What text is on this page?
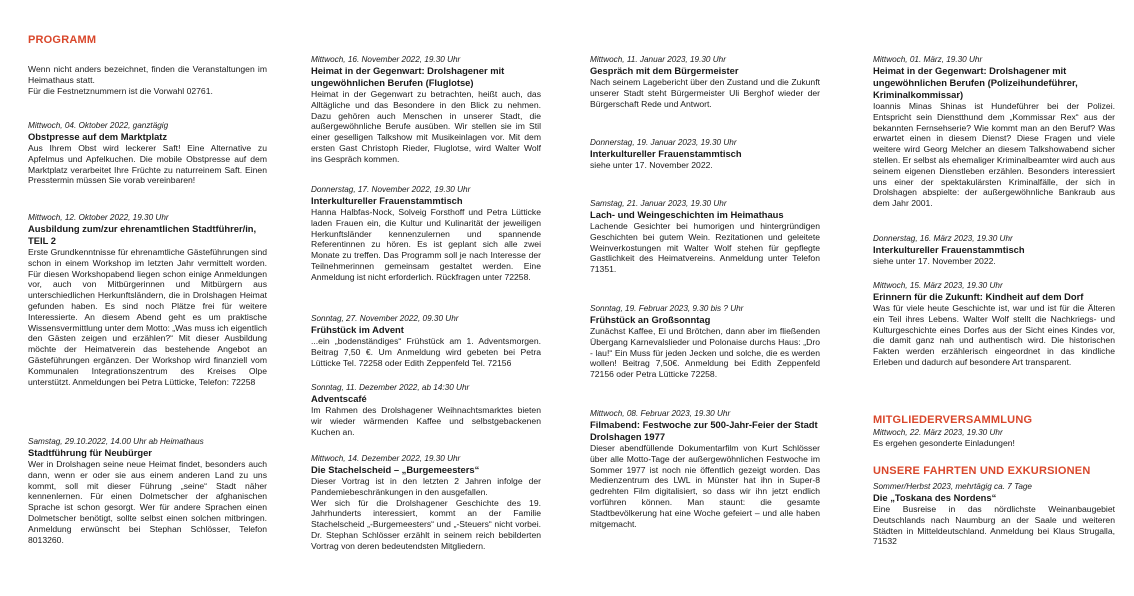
PROGRAMM

Wenn nicht anders bezeichnet, finden die Veranstaltungen im Heimathaus statt.

Für die Festnetznummern ist die Vorwahl 02761.

Mittwoch, 04. Oktober 2022, ganztägig
Obstpresse auf dem Marktplatz

Aus Ihrem Obst wird leckerer Saft! Eine Alternative zu Apfelmus und Apfelkuchen. Die mobile Obstpresse auf dem Marktplatz verarbeitet Ihre Früchte zu naturreinem Saft. Einen Presstermin müssen Sie vorab vereinbaren!

Mittwoch, 12. Oktober 2022, 19.30 Uhr
Ausbildung zum/zur ehrenamtlichen Stadtführer/in, TEIL 2

Erste Grundkenntnisse für ehrenamtliche Gästeführungen sind schon in einem Workshop im letzten Jahr vermittelt worden. Für diesen Workshopabend liegen schon einige Anmeldungen vor, auch von Mitbürgerinnen und Mitbürgern aus unterschiedlichen Herkunftsländern, die in Drolshagen Heimat gefunden haben. Es sind noch Plätze frei für weitere Interessierte. An diesem Abend geht es um praktische Wissensvermittlung unter dem Motto: „Was muss ich eigentlich den Gästen zeigen und erzählen?“ Mit dieser Ausbildung möchte der Heimatverein das bestehende Angebot an Gästeführungen ergänzen. Der Workshop wird finanziell vom Kommunalen Integrationszentrum des Kreises Olpe unterstützt. Anmeldungen bei Petra Lütticke, Telefon: 72258

Samstag, 29.10.2022, 14.00 Uhr ab Heimathaus
Stadtführung für Neubürger

Wer in Drolshagen seine neue Heimat findet, besonders auch dann, wenn er oder sie aus einem anderen Land zu uns kommt, soll mit dieser Führung „seine“ Stadt näher kennenlernen. Für einen Dolmetscher der afghanischen Sprache ist schon gesorgt. Wer für andere Sprachen einen Dolmetscher benötigt, sollte selbst einen solchen mitbringen. Anmeldung erwünscht bei Stephan Schlösser, Telefon 8013260.

Mittwoch, 16. November 2022, 19.30 Uhr
Heimat in der Gegenwart: Drolshagener mit ungewöhnlichen Berufen (Fluglotse)

Heimat in der Gegenwart zu betrachten, heißt auch, das Alltägliche und das Besondere in den Blick zu nehmen. Dazu gehören auch Menschen in unserer Stadt, die außergewöhnliche Berufe ausüben. Wir stellen sie im Stil einer geselligen Talkshow mit Musikeinlagen vor. Mit dem ersten Gast Christoph Rieder, Fluglotse, wird Walter Wolf ins Gespräch kommen.

Donnerstag, 17. November 2022, 19.30 Uhr
Interkultureller Frauenstammtisch

Hanna Halbfas-Nock, Solveig Forsthoff und Petra Lütticke laden Frauen ein, die Kultur und Kulinarität der jeweiligen Herkunftsländer kennenzulernen und spannende Referentinnen zu hören. Es ist geplant sich alle zwei Monate zu treffen. Das Programm soll je nach Interesse der Teilnehmerinnen gemeinsam gestaltet werden. Eine Anmeldung ist nicht erforderlich. Rückfragen unter 72258.

Sonntag, 27. November 2022, 09.30 Uhr
Frühstück im Advent

...ein „bodenständiges“ Frühstück am 1. Adventsmorgen. Beitrag 7,50 €. Um Anmeldung wird gebeten bei Petra Lütticke Tel. 72258 oder Edith Zeppenfeld Tel. 72156

Sonntag, 11. Dezember 2022, ab 14:30 Uhr
Adventscafé

Im Rahmen des Drolshagener Weihnachtsmarktes bieten wir wieder wärmenden Kaffee und selbstgebackenen Kuchen an.

Mittwoch, 14. Dezember 2022, 19.30 Uhr
Die Stachelscheid – „Burgemeesters“

Dieser Vortrag ist in den letzten 2 Jahren infolge der Pandemiebeschränkungen in den ausgefallen.

Wer sich für die Drolshagener Geschichte des 19. Jahrhunderts interessiert, kommt an der Familie Stachelscheid „-Burgemeesters“ und „-Steuers“ nicht vorbei. Dr. Stephan Schlösser erzählt in seinem reich bebilderten Vortrag von deren bedeutendsten Mitgliedern.

Mittwoch, 11. Januar 2023, 19.30 Uhr
Gespräch mit dem Bürgermeister

Nach seinem Lagebericht über den Zustand und die Zukunft unserer Stadt steht Bürgermeister Uli Berghof wieder der Bürgerschaft Rede und Antwort.

Donnerstag, 19. Januar 2023, 19.30 Uhr
Interkultureller Frauenstammtisch

siehe unter 17. November 2022.

Samstag, 21. Januar 2023, 19.30 Uhr
Lach- und Weingeschichten im Heimathaus

Lachende Gesichter bei humorigen und hintergründigen Geschichten bei gutem Wein. Rezitationen und geleitete Weinverkostungen mit Walter Wolf stehen für gepflegte Gastlichkeit des Heimatvereins. Anmeldung unter Telefon 71351.

Sonntag, 19. Februar 2023, 9.30 bis ? Uhr
Frühstück an Großsonntag

Zunächst Kaffee, Ei und Brötchen, dann aber im fließenden Übergang Karnevalslieder und Polonaise durchs Haus: „Dro - lau!“ Ein Muss für jeden Jecken und solche, die es werden wollen! Beitrag 7,50€. Anmeldung bei Edith Zeppenfeld 72156 oder Petra Lütticke 72258.

Mittwoch, 08. Februar 2023, 19.30 Uhr
Filmabend: Festwoche zur 500-Jahr-Feier der Stadt Drolshagen 1977

Dieser abendfüllende Dokumentarfilm von Kurt Schlösser über alle Motto-Tage der außergewöhnlichen Festwoche im Sommer 1977 ist noch nie öffentlich gezeigt worden. Das Medienzentrum des LWL in Münster hat ihn in Super-8 gedrehten Film digitalisiert, so dass wir ihn jetzt endlich vorführen können. Man staunt: die gesamte Stadtbevölkerung hat eine Woche gefeiert – und alle haben mitgemacht.

Mittwoch, 01. März, 19.30 Uhr
Heimat in der Gegenwart: Drolshagener mit ungewöhnlichen Berufen (Polizeihundeführer, Kriminalkommissar)

Ioannis Minas Shinas ist Hundeführer bei der Polizei. Entspricht sein Dienstthund dem „Kommissar Rex“ aus der bekannten Fernsehserie? Wie kommt man an den Beruf? Was erwartet einen in diesem Dienst? Diese Fragen und viele weitere wird Georg Melcher an diesem Talkshowabend sicher stellen. Er selbst als ehemaliger Kriminalbeamter wird auch aus seinem eigenen Dienstleben erzählen. Besonders interessiert uns einer der spektakulärsten Kriminalfälle, der sich in Drolshagen abspielte: der außergewöhnliche Bankraub aus dem Jahr 2001.

Donnerstag, 16. März 2023, 19.30 Uhr
Interkultureller Frauenstammtisch

siehe unter 17. November 2022.

Mittwoch, 15. März 2023, 19.30 Uhr
Erinnern für die Zukunft: Kindheit auf dem Dorf

Was für viele heute Geschichte ist, war und ist für die Älteren ein Teil ihres Lebens. Walter Wolf stellt die Nachkriegs- und Kulturgeschichte eines Dorfes aus der Sicht eines Kindes vor, die damit ganz nah und authentisch wird. Die historischen Fakten werden erzählerisch eingeordnet in das kindliche Erleben und dadurch auf besondere Art transparent.

MITGLIEDERVERSAMMLUNG
Mittwoch, 22. März 2023, 19.30 Uhr

Es ergehen gesonderte Einladungen!

UNSERE FAHRTEN UND EXKURSIONEN
Sommer/Herbst 2023, mehrtägig ca. 7 Tage
Die „Toskana des Nordens“

Eine Busreise in das nördlichste Weinanbaugebiet Deutschlands nach Naumburg an der Saale und weiteren Städten in Mitteldeutschland. Anmeldung bei Klaus Strugalla, 71532
